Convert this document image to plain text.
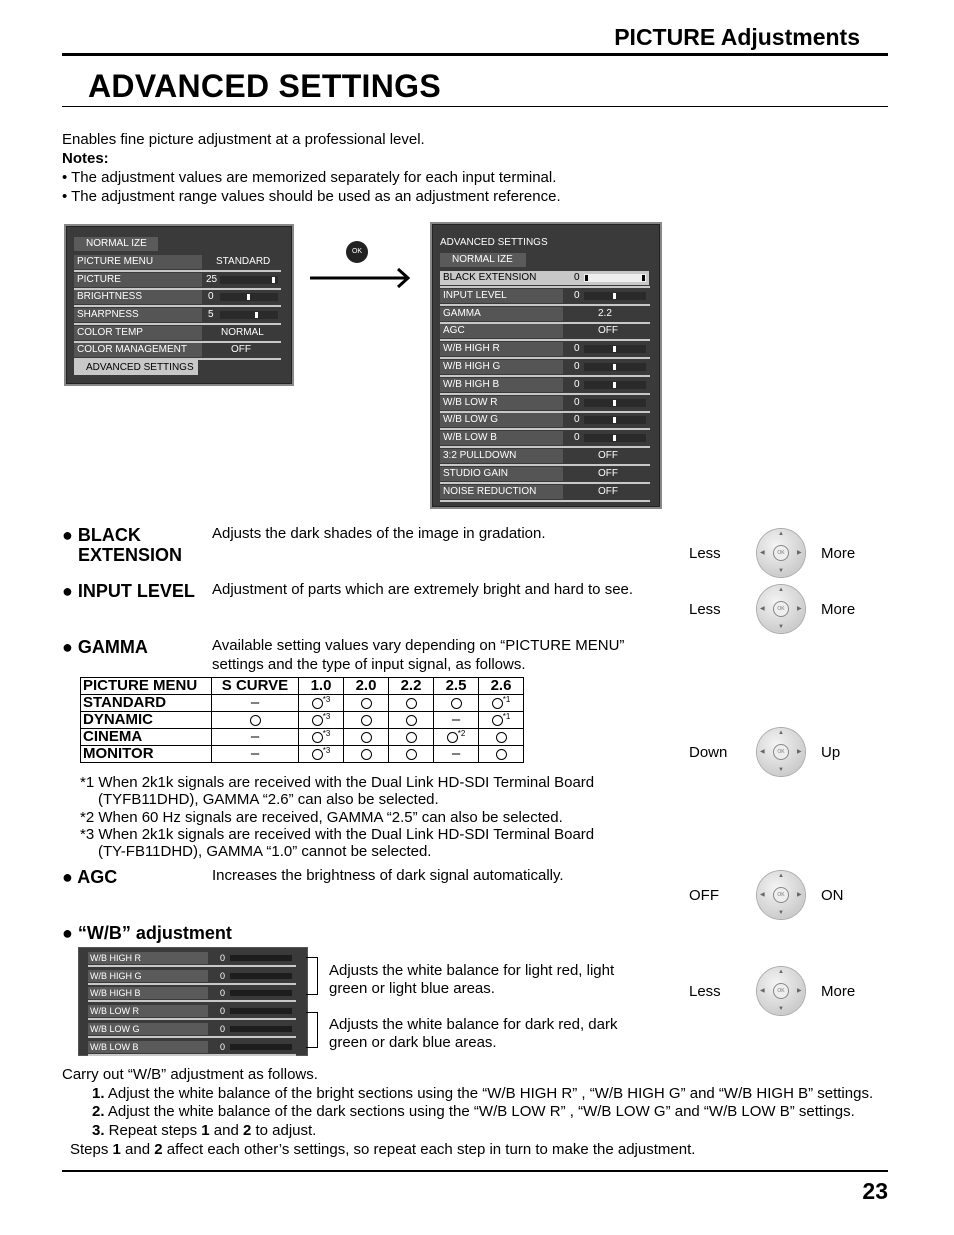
PICTURE Adjustments
ADVANCED SETTINGS
Enables fine picture adjustment at a professional level.
Notes:
• The adjustment values are memorized separately for each input terminal.
• The adjustment range values should be used as an adjustment reference.
NORMAL IZE
PICTURE MENU	STANDARD
PICTURE	25
BRIGHTNESS	0
SHARPNESS	5
COLOR TEMP	NORMAL
COLOR MANAGEMENT	OFF
ADVANCED SETTINGS
OK
ADVANCED SETTINGS
NORMAL IZE
BLACK EXTENSION	0
INPUT LEVEL	0
GAMMA	2.2
AGC	OFF
W/B HIGH R	0
W/B HIGH G	0
W/B HIGH B	0
W/B LOW R	0
W/B LOW G	0
W/B LOW B	0
3:2 PULLDOWN	OFF
STUDIO GAIN	OFF
NOISE REDUCTION	OFF
● BLACK
EXTENSION
Adjusts the dark shades of the image in gradation.
Less	More
▲
▼
◀	▶
OK
● INPUT LEVEL Adjustment of parts which are extremely bright and hard to see.
Less	More
▲
▼
◀	▶
OK
● GAMMA	Available setting values vary depending on “PICTURE MENU”
settings and the type of input signal, as follows.
PICTURE MENU	S CURVE	1.0	2.0	2.2	2.5	2.6
STANDARD	–	$^{*3}$				$^{*1}$
DYNAMIC		$^{*3}$			–	$^{*1}$
CINEMA	–	$^{*3}$			$^{*2}$	
MONITOR	–	$^{*3}$			–	
*1 When 2k1k signals are received with the Dual Link HD-SDI Terminal Board
(TYFB11DHD), GAMMA “2.6” can also be selected.
*2 When 60 Hz signals are received, GAMMA “2.5” can also be selected.
*3 When 2k1k signals are received with the Dual Link HD-SDI Terminal Board
(TY-FB11DHD), GAMMA “1.0” cannot be selected.
Down	Up
▲
▼
◀	▶
OK
● AGC	Increases the brightness of dark signal automatically.
OFF	ON
▲
▼
◀	▶
OK
● “W/B” adjustment
W/B HIGH R	0
W/B HIGH G	0
W/B HIGH B	0
W/B LOW R	0
W/B LOW G	0
W/B LOW B	0
Adjusts the white balance for light red, light
green or light blue areas.
Adjusts the white balance for dark red, dark
green or dark blue areas.
Less	More
▲
▼
◀	▶
OK
Carry out “W/B” adjustment as follows.
1. Adjust the white balance of the bright sections using the “W/B HIGH R” , “W/B HIGH G” and “W/B HIGH B” settings.
2. Adjust the white balance of the dark sections using the “W/B LOW R” , “W/B LOW G” and “W/B LOW B” settings.
3. Repeat steps 1 and 2 to adjust.
Steps 1 and 2 affect each other’s settings, so repeat each step in turn to make the adjustment.
23
